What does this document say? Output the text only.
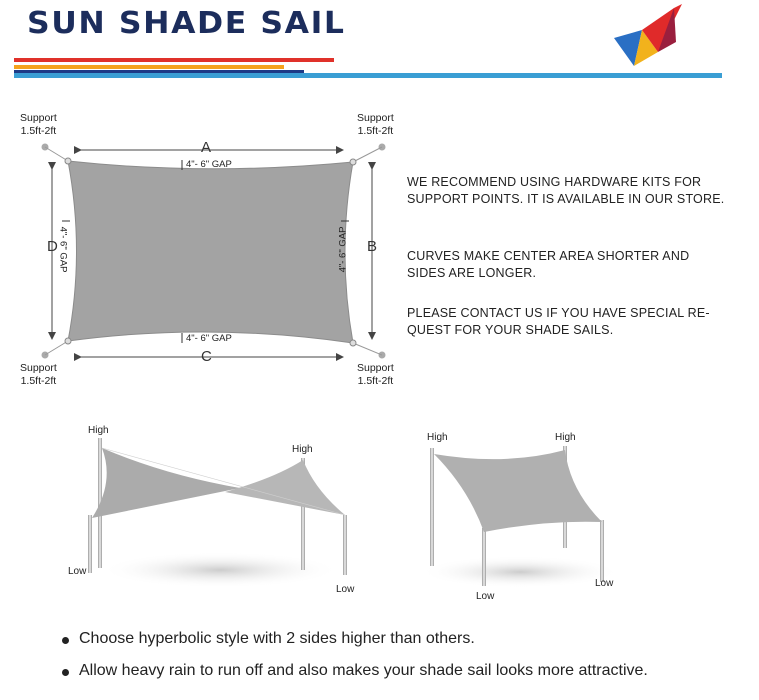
SUN SHADE SAIL
A
C
D	B
4"- 6" GAP
4"- 6" GAP
4"- 6" GAP	4"- 6" GAP
Support
1.5ft-2ft
Support
1.5ft-2ft
Support
1.5ft-2ft
Support
1.5ft-2ft
WE RECOMMEND USING HARDWARE KITS FOR
SUPPORT POINTS. IT IS AVAILABLE IN OUR STORE.
CURVES MAKE CENTER AREA SHORTER AND
SIDES ARE LONGER.
PLEASE CONTACT US IF YOU HAVE SPECIAL RE-
QUEST FOR YOUR SHADE SAILS.
High
High
Low
Low
High	High
Low
Low
Choose hyperbolic style with 2 sides higher than others.
Allow heavy rain to run off and also makes your shade sail looks more attractive.
